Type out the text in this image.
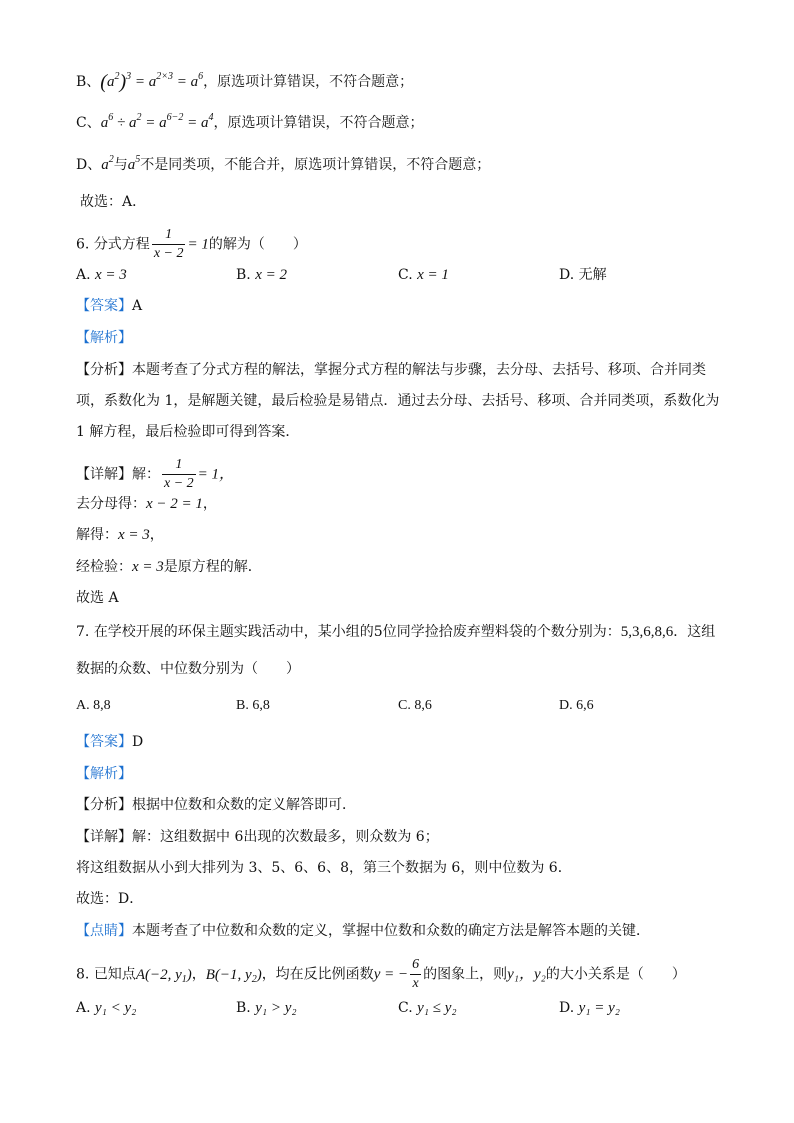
B、$(a^2)^3 = a^{2\times 3} = a^6$，原选项计算错误，不符合题意；
C、$a^6 \div a^2 = a^{6-2} = a^4$，原选项计算错误，不符合题意；
D、$a^2$与$a^5$不是同类项，不能合并，原选项计算错误，不符合题意；
故选：A．
6. 分式方程 $\frac{1}{x - 2} = 1$的解为（　　）
A. x = 3	B. x = 2	C. x = 1	D. 无解
【答案】A
【解析】
【分析】本题考查了分式方程的解法，掌握分式方程的解法与步骤，去分母、去括号、移项、合并同类
项，系数化为 1，是解题关键，最后检验是易错点．通过去分母、去括号、移项、合并同类项，系数化为
1 解方程，最后检验即可得到答案．
【详解】解： $\frac{1}{x - 2} = 1$，
去分母得：x − 2 = 1，
解得：x = 3，
经检验：x = 3是原方程的解．
故选 A
7. 在学校开展的环保主题实践活动中，某小组的5位同学捡拾废弃塑料袋的个数分别为：5,3,6,8,6．这组
数据的众数、中位数分别为（　　）
A. 8,8	B. 6,8	C. 8,6	D. 6,6
【答案】D
【解析】
【分析】根据中位数和众数的定义解答即可．
【详解】解：这组数据中 6出现的次数最多，则众数为 6；
将这组数据从小到大排列为 3、5、6、6、8，第三个数据为 6，则中位数为 6．
故选：D．
【点睛】本题考查了中位数和众数的定义，掌握中位数和众数的确定方法是解答本题的关键．
8. 已知点A(−2, $y_1$)，B(−1, $y_2$)，均在反比例函数y = − $\frac{6}{x}$ 的图象上，则y₁，y₂的大小关系是（　　）
A. y₁ < y₂	B. y₁ > y₂	C. y₁ ≤ y₂	D. y₁ = y₂
